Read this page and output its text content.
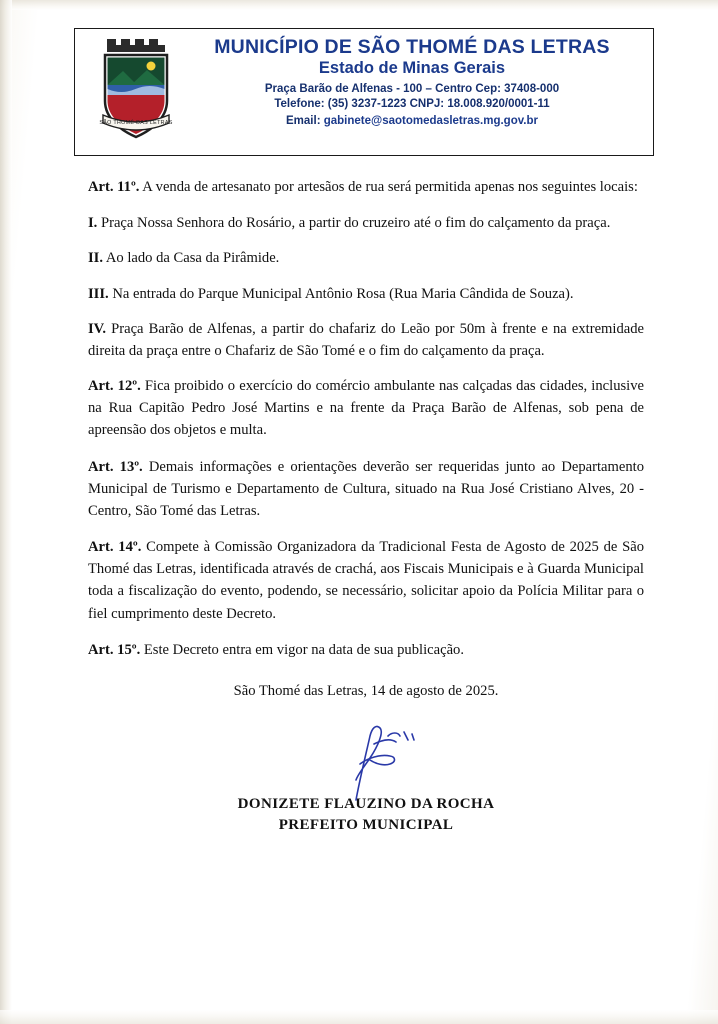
SÃO THOMÉ DAS LETRAS
MUNICÍPIO DE SÃO THOMÉ DAS LETRAS
Estado de Minas Gerais
Praça Barão de Alfenas - 100 – Centro Cep: 37408-000
Telefone: (35) 3237-1223 CNPJ: 18.008.920/0001-11
Email: gabinete@saotomedasletras.mg.gov.br

Art. 11º. A venda de artesanato por artesãos de rua será permitida apenas nos seguintes locais:

I. Praça Nossa Senhora do Rosário, a partir do cruzeiro até o fim do calçamento da praça.

II. Ao lado da Casa da Pirâmide.

III. Na entrada do Parque Municipal Antônio Rosa (Rua Maria Cândida de Souza).

IV. Praça Barão de Alfenas, a partir do chafariz do Leão por 50m à frente e na extremidade direita da praça entre o Chafariz de São Tomé e o fim do calçamento da praça.

Art. 12º. Fica proibido o exercício do comércio ambulante nas calçadas das cidades, inclusive na Rua Capitão Pedro José Martins e na frente da Praça Barão de Alfenas, sob pena de apreensão dos objetos e multa.

Art. 13º. Demais informações e orientações deverão ser requeridas junto ao Departamento Municipal de Turismo e Departamento de Cultura, situado na Rua José Cristiano Alves, 20 - Centro, São Tomé das Letras.

Art. 14º. Compete à Comissão Organizadora da Tradicional Festa de Agosto de 2025 de São Thomé das Letras, identificada através de crachá, aos Fiscais Municipais e à Guarda Municipal toda a fiscalização do evento, podendo, se necessário, solicitar apoio da Polícia Militar para o fiel cumprimento deste Decreto.

Art. 15º. Este Decreto entra em vigor na data de sua publicação.

São Thomé das Letras, 14 de agosto de 2025.

DONIZETE FLAUZINO DA ROCHA
PREFEITO MUNICIPAL
